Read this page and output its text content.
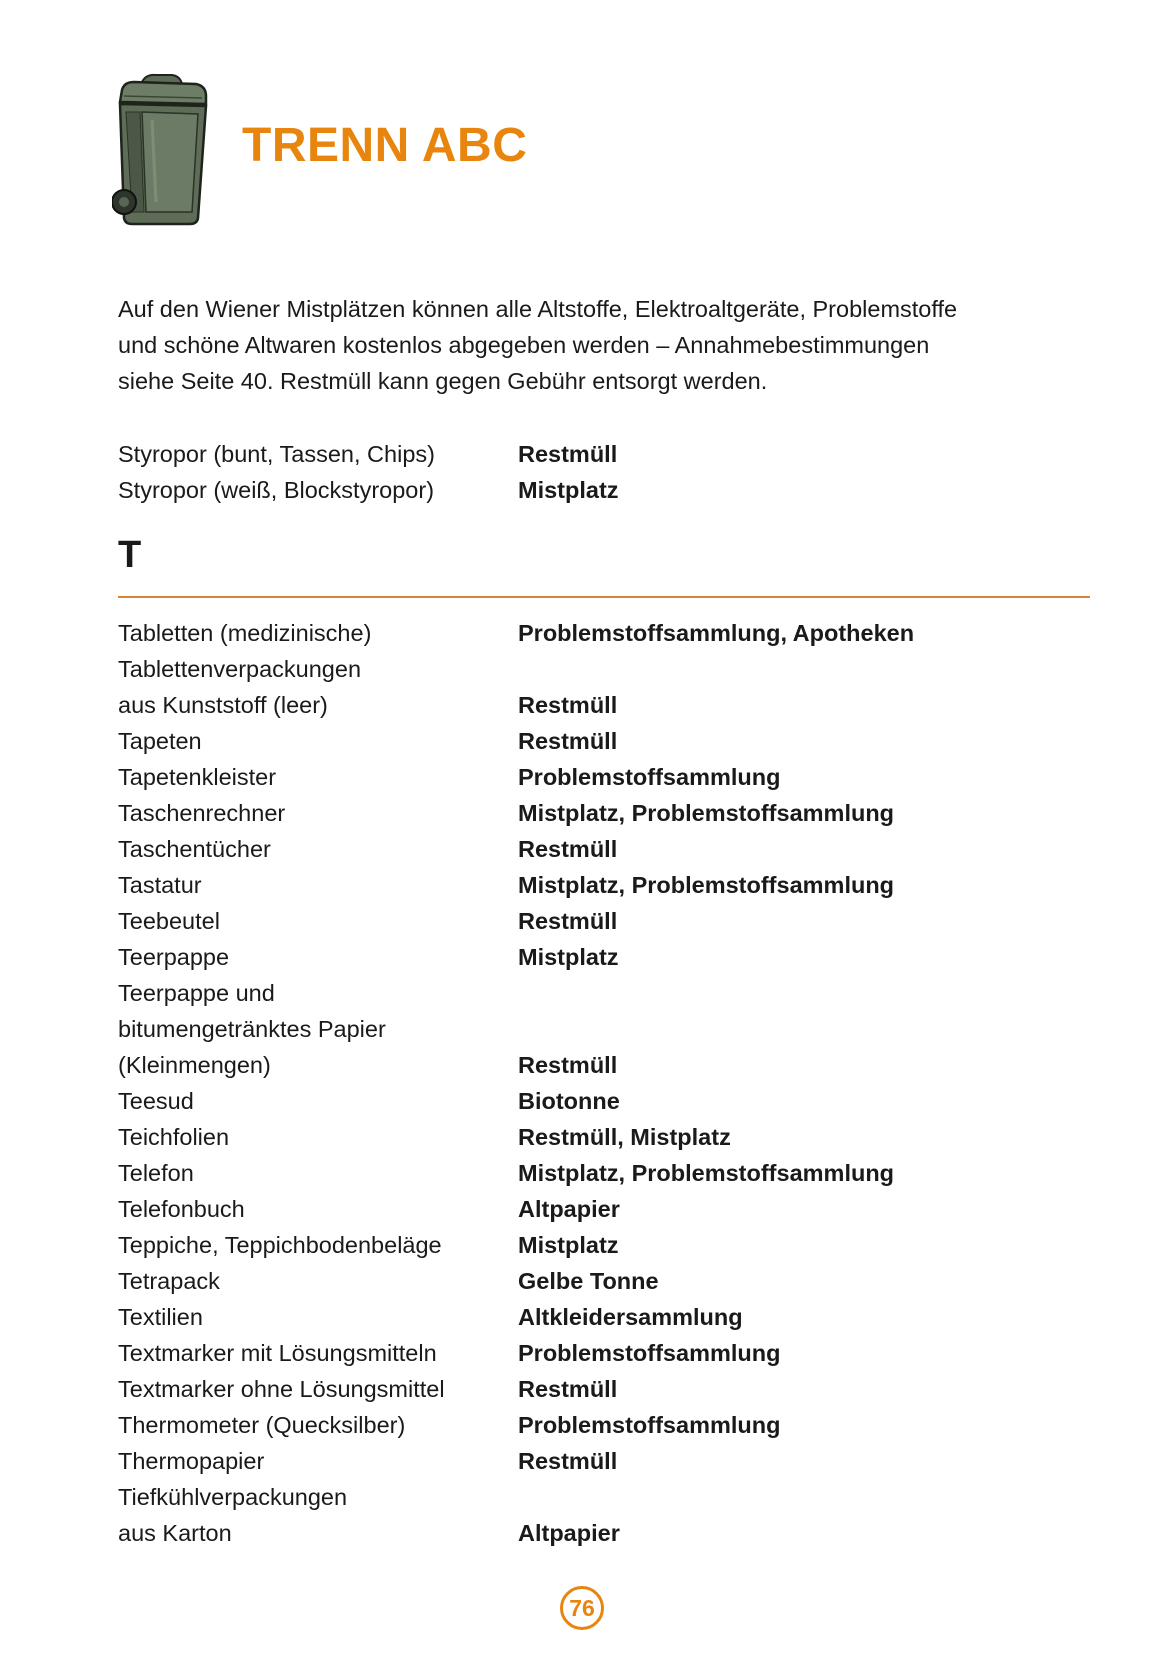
TRENN ABC

Auf den Wiener Mistplätzen können alle Altstoffe, Elektroaltgeräte, Problemstoffe

und schöne Altwaren kostenlos abgegeben werden – Annahmebestimmungen

siehe Seite 40. Restmüll kann gegen Gebühr entsorgt werden.

Styropor (bunt, Tassen, Chips)	Restmüll
Styropor (weiß, Blockstyropor)	Mistplatz
T
Tabletten (medizinische)	Problemstoffsammlung, Apotheken
Tablettenverpackungen
aus Kunststoff (leer)	Restmüll
Tapeten	Restmüll
Tapetenkleister	Problemstoffsammlung
Taschenrechner	Mistplatz, Problemstoffsammlung
Taschentücher	Restmüll
Tastatur	Mistplatz, Problemstoffsammlung
Teebeutel	Restmüll
Teerpappe	Mistplatz
Teerpappe und
bitumengetränktes Papier
(Kleinmengen)	Restmüll
Teesud	Biotonne
Teichfolien	Restmüll, Mistplatz
Telefon	Mistplatz, Problemstoffsammlung
Telefonbuch	Altpapier
Teppiche, Teppichbodenbeläge	Mistplatz
Tetrapack	Gelbe Tonne
Textilien	Altkleidersammlung
Textmarker mit Lösungsmitteln	Problemstoffsammlung
Textmarker ohne Lösungsmittel	Restmüll
Thermometer (Quecksilber)	Problemstoffsammlung
Thermopapier	Restmüll
Tiefkühlverpackungen
aus Karton	Altpapier
76
